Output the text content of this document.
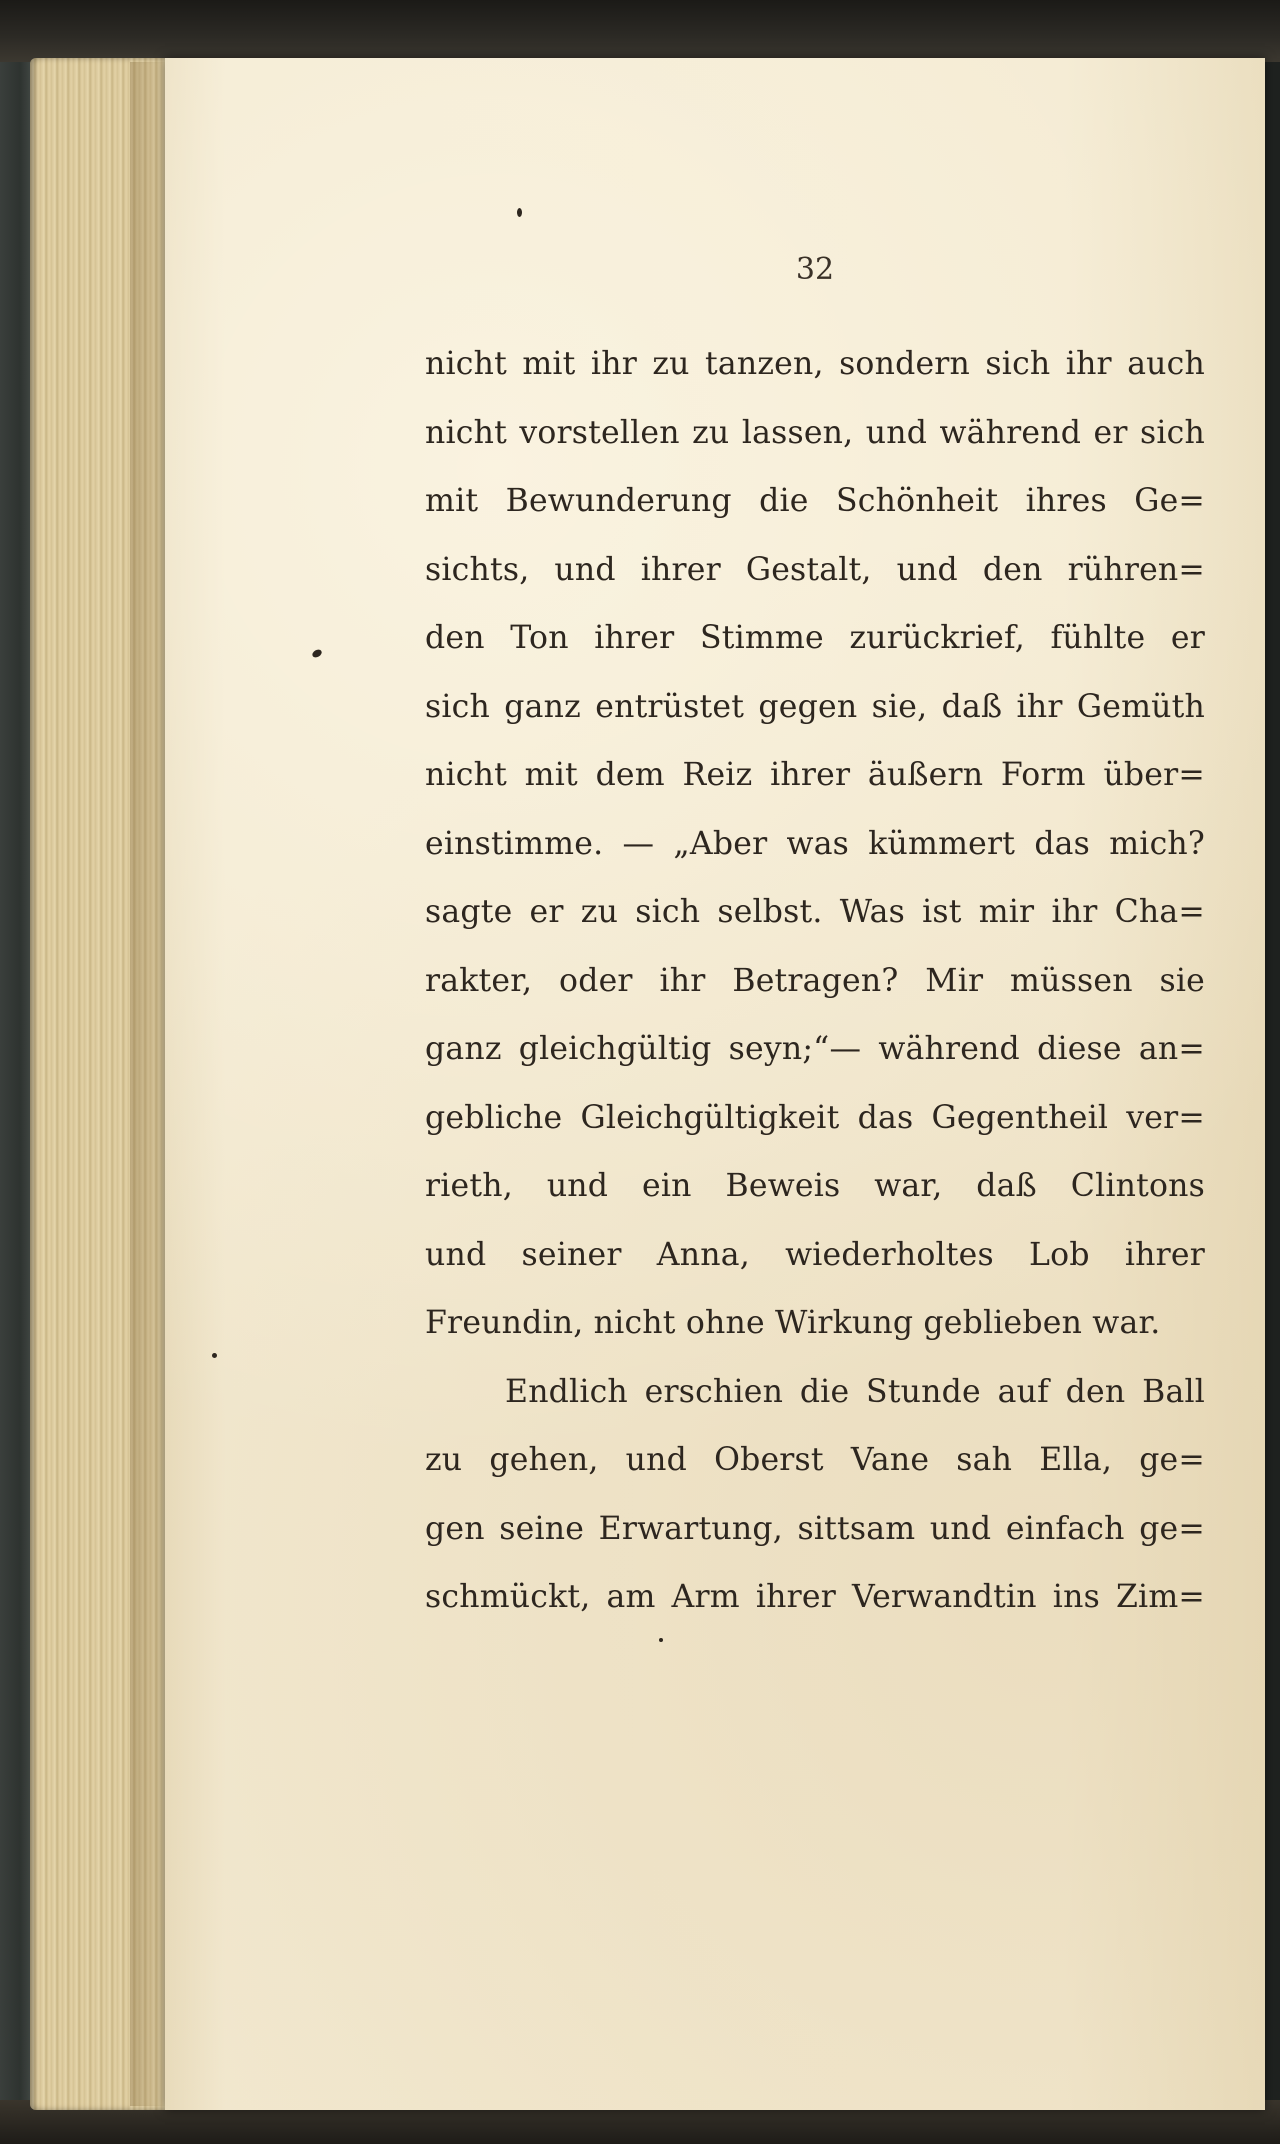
32
nicht mit ihr zu tanzen, sondern sich ihr auch
nicht vorstellen zu lassen, und während er sich
mit Bewunderung die Schönheit ihres Ge=
sichts, und ihrer Gestalt, und den rühren=
den Ton ihrer Stimme zurückrief, fühlte er
sich ganz entrüstet gegen sie, daß ihr Gemüth
nicht mit dem Reiz ihrer äußern Form über=
einstimme. — „Aber was kümmert das mich?
sagte er zu sich selbst. Was ist mir ihr Cha=
rakter, oder ihr Betragen? Mir müssen sie
ganz gleichgültig seyn;“— während diese an=
gebliche Gleichgültigkeit das Gegentheil ver=
rieth, und ein Beweis war, daß Clintons
und seiner Anna, wiederholtes Lob ihrer
Freundin, nicht ohne Wirkung geblieben war.
Endlich erschien die Stunde auf den Ball
zu gehen, und Oberst Vane sah Ella, ge=
gen seine Erwartung, sittsam und einfach ge=
schmückt, am Arm ihrer Verwandtin ins Zim=
